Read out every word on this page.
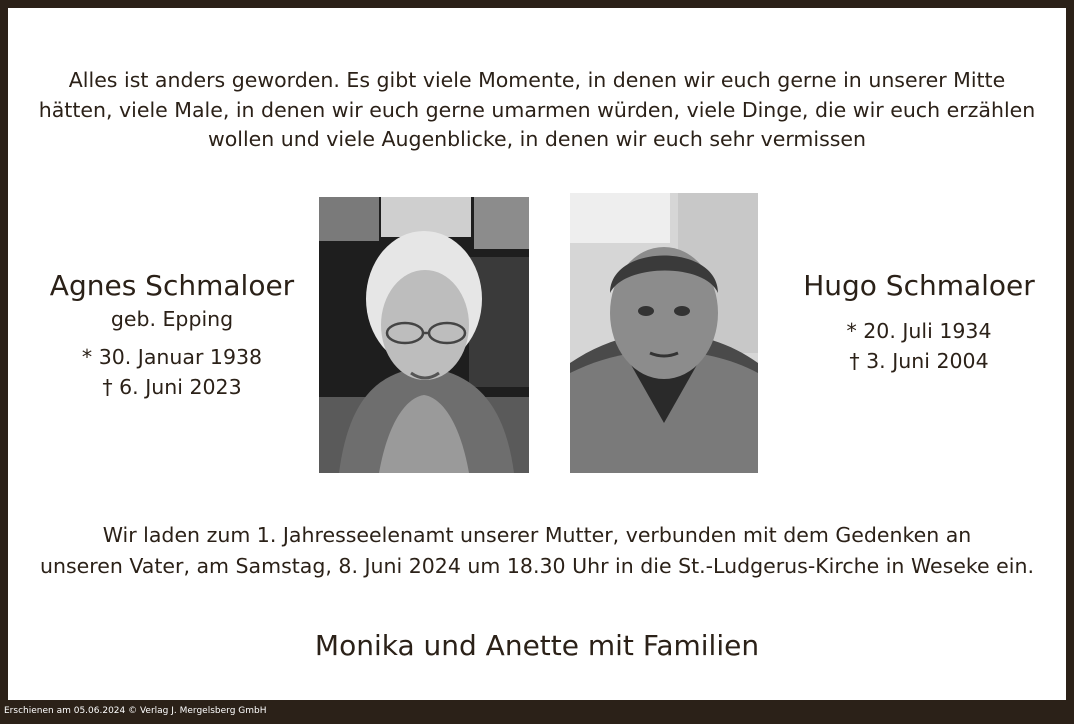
Alles ist anders geworden. Es gibt viele Momente, in denen wir euch gerne in unserer Mitte
hätten, viele Male, in denen wir euch gerne umarmen würden, viele Dinge, die wir euch erzählen
wollen und viele Augenblicke, in denen wir euch sehr vermissen
Agnes Schmaloer
geb. Epping
* 30. Januar 1938
† 6. Juni 2023
Hugo Schmaloer
* 20. Juli 1934
† 3. Juni 2004
Wir laden zum 1. Jahresseelenamt unserer Mutter, verbunden mit dem Gedenken an
unseren Vater, am Samstag, 8. Juni 2024 um 18.30 Uhr in die St.-Ludgerus-Kirche in Weseke ein.
Monika und Anette mit Familien
Erschienen am 05.06.2024 © Verlag J. Mergelsberg GmbH
